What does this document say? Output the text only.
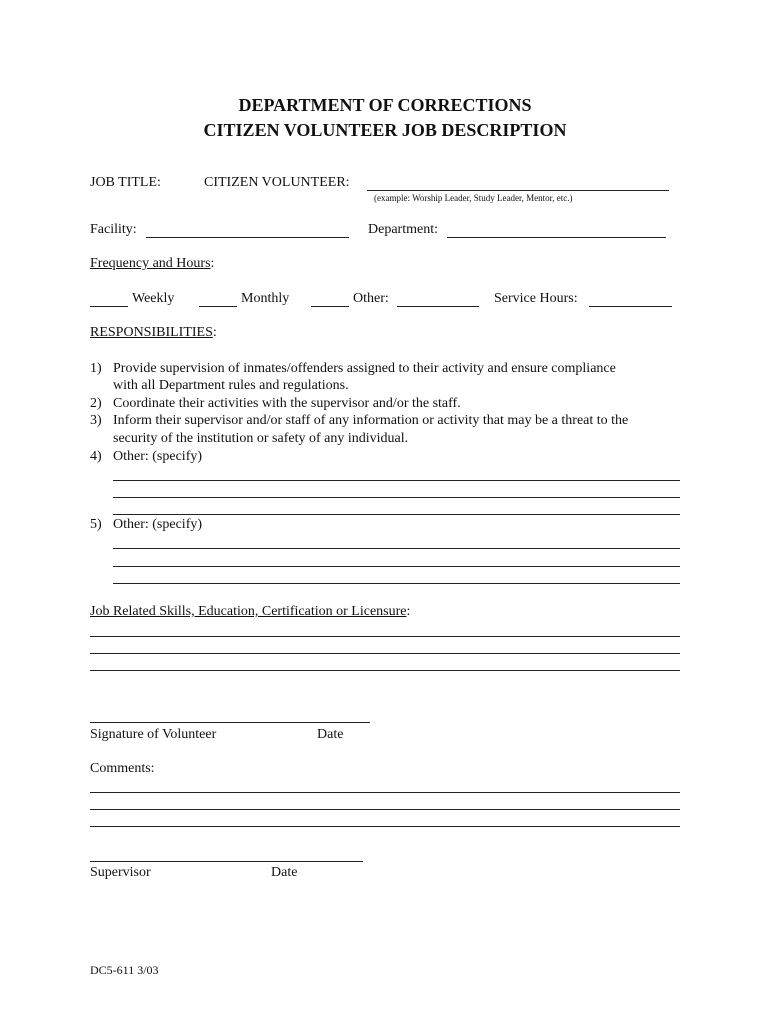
DEPARTMENT OF CORRECTIONS
CITIZEN VOLUNTEER JOB DESCRIPTION
JOB TITLE:	CITIZEN VOLUNTEER:
(example: Worship Leader, Study Leader, Mentor, etc.)
Facility:	Department:
Frequency and Hours:
Weekly	Monthly	Other:	Service Hours:
RESPONSIBILITIES:
1) Provide supervision of inmates/offenders assigned to their activity and ensure compliance
with all Department rules and regulations.
2) Coordinate their activities with the supervisor and/or the staff.
3) Inform their supervisor and/or staff of any information or activity that may be a threat to the
security of the institution or safety of any individual.
4) Other: (specify)
5) Other: (specify)
Job Related Skills, Education, Certification or Licensure:
Signature of Volunteer	Date
Comments:
Supervisor	Date
DC5-611 3/03
